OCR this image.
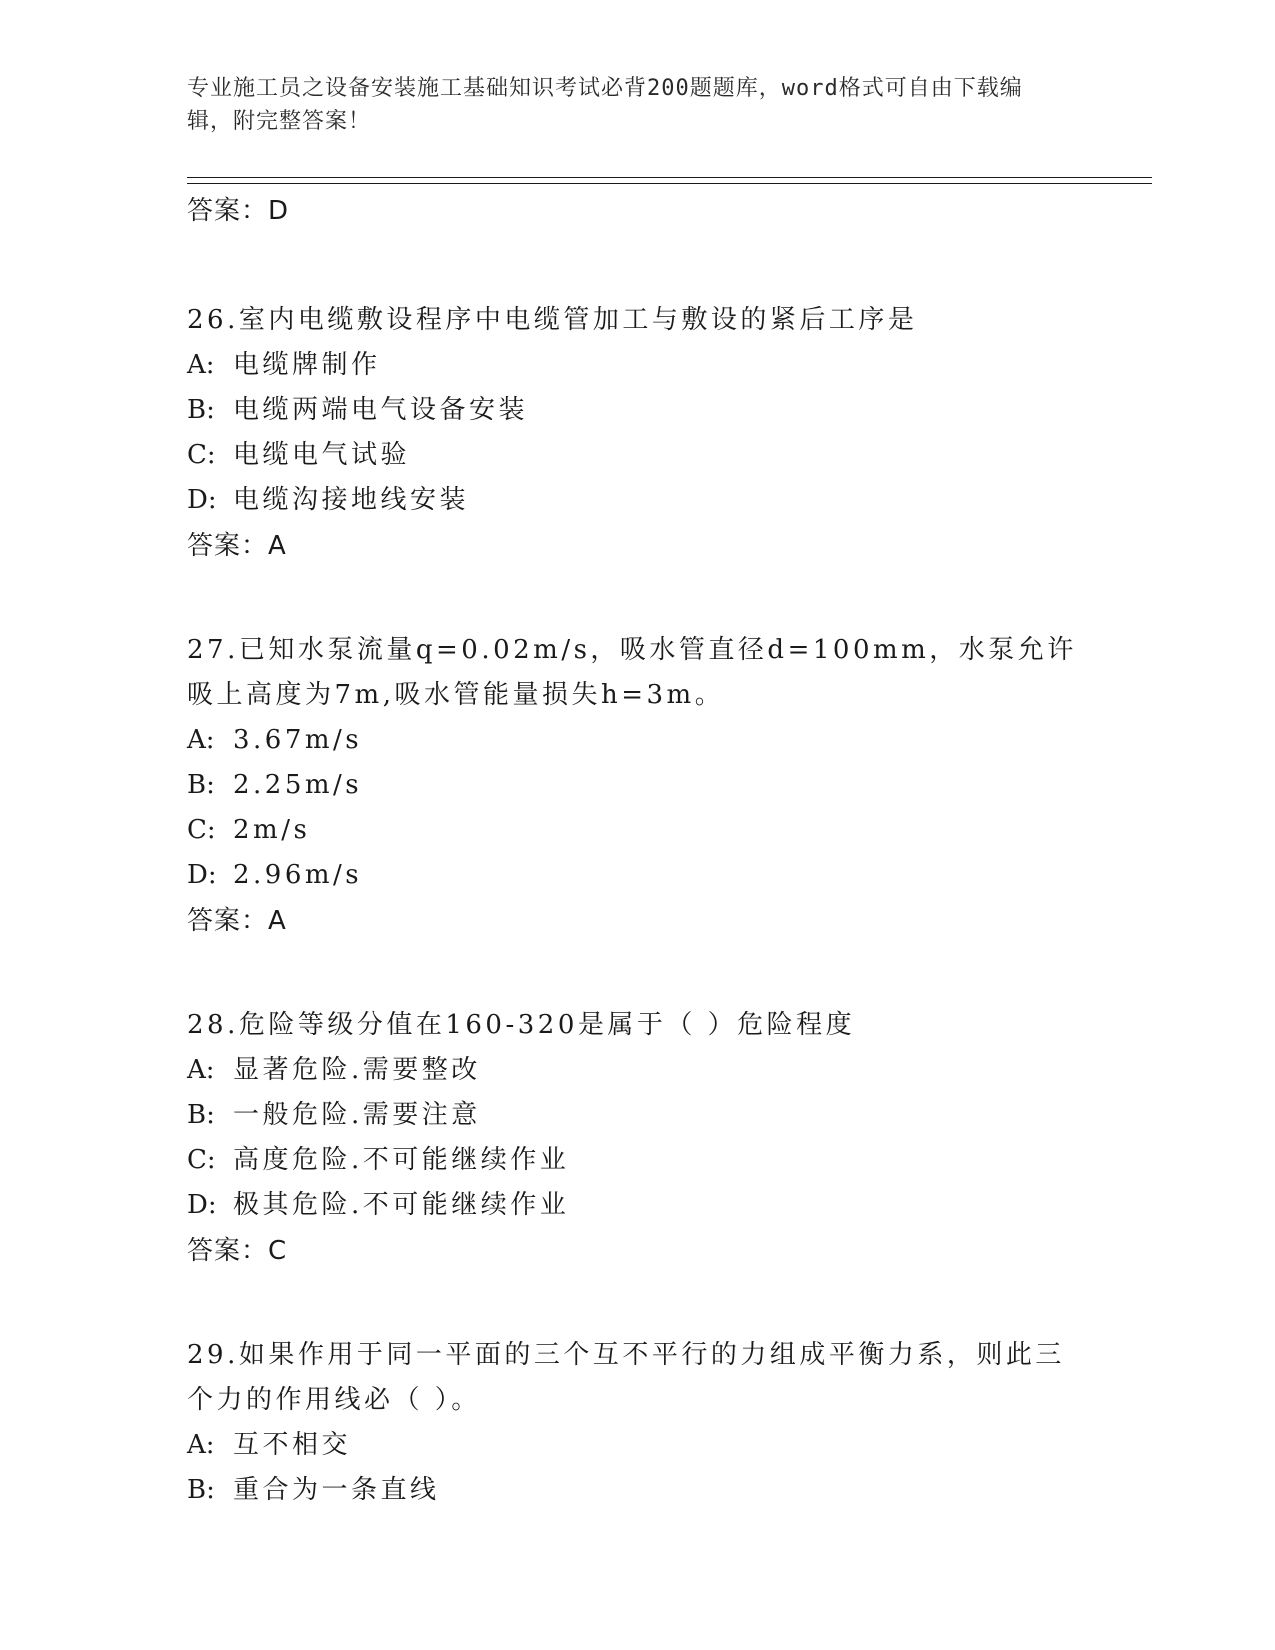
专业施工员之设备安装施工基础知识考试必背200题题库，word格式可自由下载编辑，附完整答案！
答案：D
26.室内电缆敷设程序中电缆管加工与敷设的紧后工序是
A: 电缆牌制作
B: 电缆两端电气设备安装
C: 电缆电气试验
D: 电缆沟接地线安装
答案：A
27.已知水泵流量q=0.02m/s，吸水管直径d=100mm，水泵允许吸上高度为7m,吸水管能量损失h=3m。
A: 3.67m/s
B: 2.25m/s
C: 2m/s
D: 2.96m/s
答案：A
28.危险等级分值在160-320是属于（ ）危险程度
A: 显著危险.需要整改
B: 一般危险.需要注意
C: 高度危险.不可能继续作业
D: 极其危险.不可能继续作业
答案：C
29.如果作用于同一平面的三个互不平行的力组成平衡力系，则此三个力的作用线必（ ）。
A: 互不相交
B: 重合为一条直线
